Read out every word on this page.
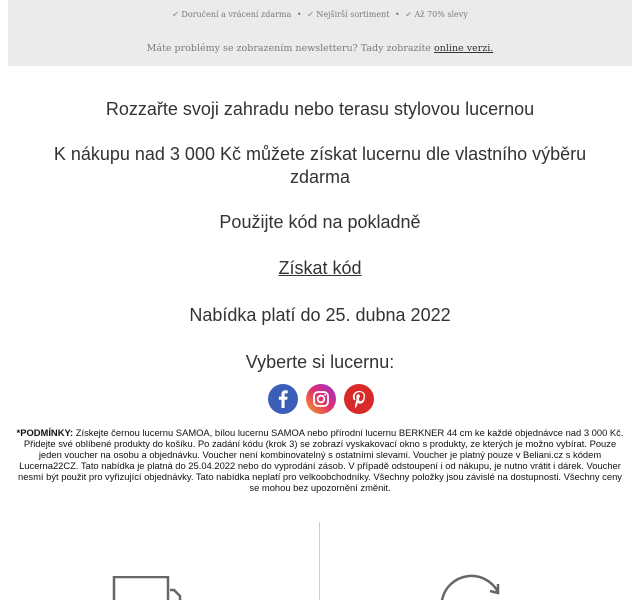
✔ Doručení a vrácení zdarma • ✔ Nejširší sortiment • ✔ Až 70% slevy
Máte problémy se zobrazením newsletteru? Tady zobrazíte online verzi.
Rozzařte svoji zahradu nebo terasu stylovou lucernou
K nákupu nad 3 000 Kč můžete získat lucernu dle vlastního výběru
zdarma
Použijte kód na pokladně
Získat kód
Nabídka platí do 25. dubna 2022
Vyberte si lucernu:
*PODMÍNKY: Získejte černou lucernu SAMOA, bílou lucernu SAMOA nebo přírodní lucernu BERKNER 44 cm ke každé objednávce nad 3 000 Kč. Přidejte své oblíbené produkty do košíku. Po zadání kódu (krok 3) se zobrazí vyskakovací okno s produkty, ze kterých je možno vybírat. Pouze jeden voucher na osobu a objednávku. Voucher není kombinovatelný s ostatními slevami. Voucher je platný pouze v Beliani.cz s kódem Lucerna22CZ. Tato nabídka je platná do 25.04.2022 nebo do vyprodání zásob. V případě odstoupení i od nákupu, je nutno vrátit i dárek. Voucher nesmí být použit pro vyřizující objednávky. Tato nabídka neplatí pro velkoobchodníky. Všechny položky jsou závislé na dostupnosti. Všechny ceny se mohou bez upozornění změnit.
